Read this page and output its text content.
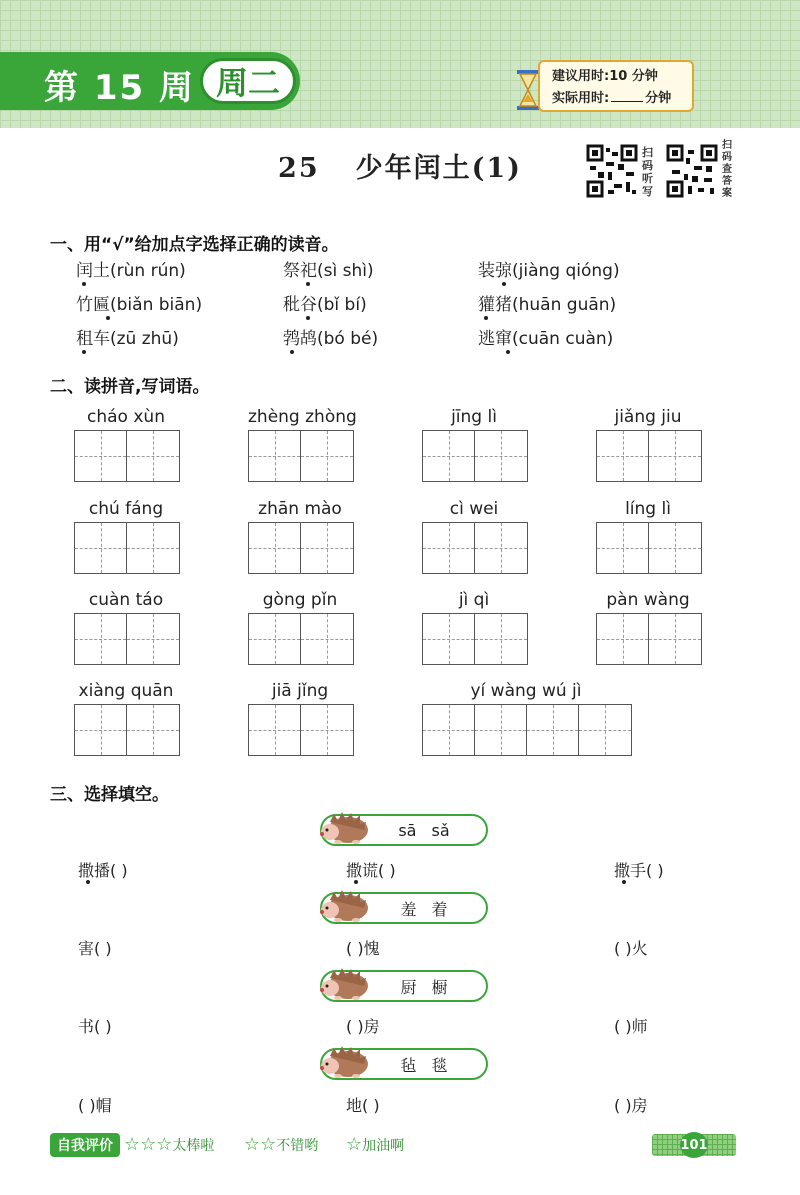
第 15 周 周二	建议用时:10 分钟
实际用时:	分钟
25 少年闰土(1)
扫码听写
扫码查答案
一、用“√”给加点字选择正确的读音。
闰土(rùn rún)	祭祀(sì shì)	装弶(jiàng qióng)
竹匾(biǎn biān)	秕谷(bǐ bí)	獾猪(huān guān)
租车(zū zhū)	鹁鸪(bó bé)	逃窜(cuān cuàn)
二、读拼音,写词语。
cháo xùn	zhèng zhòng	jīng lì	jiǎng jiu
chú fáng	zhān mào	cì wei	líng lì
cuàn táo	gòng pǐn	jì qì	pàn wàng
xiàng quān	jiā jǐng	yí wàng wú jì
三、选择填空。
sā sǎ
撒播( )	撒谎( )	撒手( )
羞 着
害( )	( )愧	( )火
厨 橱
书( )	( )房	( )师
毡 毯
( )帽	地( )	( )房
自我评价 ☆☆☆太棒啦 ☆☆不错哟 ☆加油啊	101
